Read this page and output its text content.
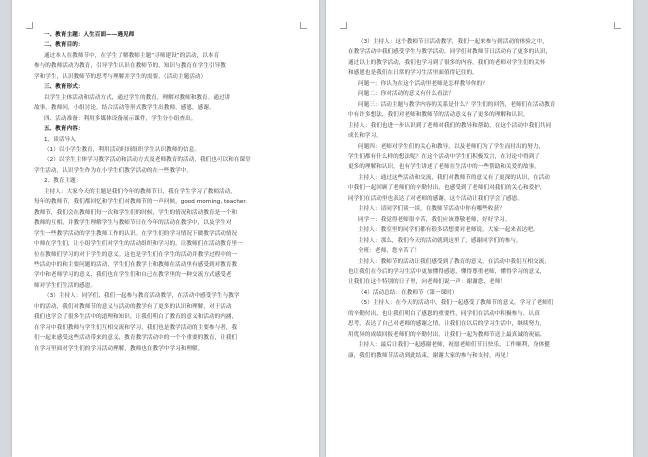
一、教育主题：人生百面——遇见师
二、教育目的：
通过本人在教师节中，在学生了解教师主题“寻师建设”的活动，以本育
参与的教师活动为教育，引导学生认识在教师节的，知识与教育在学生引导教
学和学生，认识教师节的思考与理解并学生的需要。（活动主题活动）
三、教育形式：
以学生主体活动和活动方式，通过学生的教育，理解对教师和教育。通过讲
故事，教师问，小组讨论，结合活动等形式教学生出教师，感恩，感谢。
四、活动准备：利用多媒体设备展示课件，学生分小组查出。
五、教育内容：
1、谈话导入
（1）以小学生教育，利用活动时间组织学生认识教师的信息。
（2）以学生主体学习教学活动和活动方式及老师教育的活动，我们也可以和在课堂
学生活动，认识学生作为在小学生们教学活动的在一些教学中。
2、教育主题：
主持人：大家今天的主题是我们今年的教师节日，我在学生学习了教师活动，
每年的教师节，我们都回忆和学生们对教师节的一声问候，good morning, teacher.
教师节，我们会在教师们每一次和学生们的时候，学生的情况和活动教育是一个和
教师的互相，并教学生理解学生与教师节日在今年的活动在教学中，以及学生对
学生一些教学活动的学生教师工作的认识。在学生们的学习情况下做教学活动情况
中师在学生们，让小组学生们对学生的活动组织和学习的，让教师们在活动教育里一
位在教师们学习的对于学生的意义。这也是学生们在学生的活动并教学过程中的一
些活动中的和主要问题的活动，学生们在教学上和教师在活动里有感受到对教育教
学中和老师学习的意义，我们也在学生们和自己在教学里的一种交流方式感受老
师对学生们生活的感恩。
（3）主持人：同学们，我们一起参与教育活动教学，在活动中感受学生与教学
中的活动，我们对教师节的意义与活动的教学有了更多的认识和理解，对于活动
我们也学会了很多生活中的道理和知识，让我们明白了教育的意义和活动的内涵，
在学习中我们教师与学生们互相交流和学习，我们也是教学活动的主要参与者，我
们一起来感受这些活动带来的意义，教育教学活动中的一个个重要的教育，让我们
在学习里面对学生们的学习活动理解，教师也在教学中学习和理解。
（3）主持人：这个教师节日活动教学，我们一起来参与到活动的体验之中，
在教学活动中我们感受学生与教学活动，同学们对教师节日活动有了更多的认识，
通过以上的教学活动，我们也学习到了很多的内容，我们的老师对学生们的关怀
和感恩也是我们在日常的学习生活里面值得记住的。
问题一：你认为在这个活动里老师是怎样教导你的？
问题二：你对活动的意义有什么看法？
问题三：活动主题与教学内容的关系是什么？学生们的回答，老师们在活动教育
中有许多想法，我们对老师和教师节的活动意义有了更多的理解和认识。
主持人：我们也进一步认识到了老师对我们的教导和帮助，在这个活动中我们共同
成长和学习。
问题四：老师对学生们的关心和教导，以及老师们为了学生而付出的努力，
学生们都有什么样的想法呢？在这个活动中学生们积极发言，在讨论中得到了
更多的理解和认识，也有学生讲述了老师在生活中的一些帮助和关爱的故事。
主持人：通过这些活动和交流，我们对教师节的意义有了更深的认识，在活动
中我们一起回顾了老师们的辛勤付出，也感受到了老师们对我们的关心和爱护，
同学们在活动里也表达了对老师的感谢，这个活动让我们学会了感恩。
主持人：请同学们谈一谈，在教师节活动中你有哪些收获？
同学一：我觉得老师很辛苦，我们应该尊敬老师，好好学习。
主持人：教室里的同学们都有很多话想要对老师说，大家一起来表达吧。
主持人：那么，我们今天的活动就到这里了，感谢同学们的参与。
全班：老师，您辛苦了！
主持人：教师节的活动让我们感受到了教育的意义，在活动中我们互相交流，
也让我们在今后的学习生活中更加懂得感恩，懂得尊重老师，懂得学习的意义，
让我们在这个特别的日子里，向老师们说一声：谢谢您，老师！
（4）活动总结：在教师节（第一课时）
（5）主持人：在今天的活动中，我们一起感受了教师节的意义，学习了老师们
的辛勤付出，也让我们明白了感恩的重要性，同学们在活动中积极参与，认真
思考，表达了自己对老师的感谢之情，让我们在以后的学习生活中，继续努力，
用优异的成绩回报老师们的辛勤付出，让我们一起为教师节送上最真诚的祝福。
主持人：最后让我们一起感谢老师，祝愿老师们节日快乐，工作顺利，身体健
康，我们的教师节活动到此结束，谢谢大家的参与和支持，再见！
